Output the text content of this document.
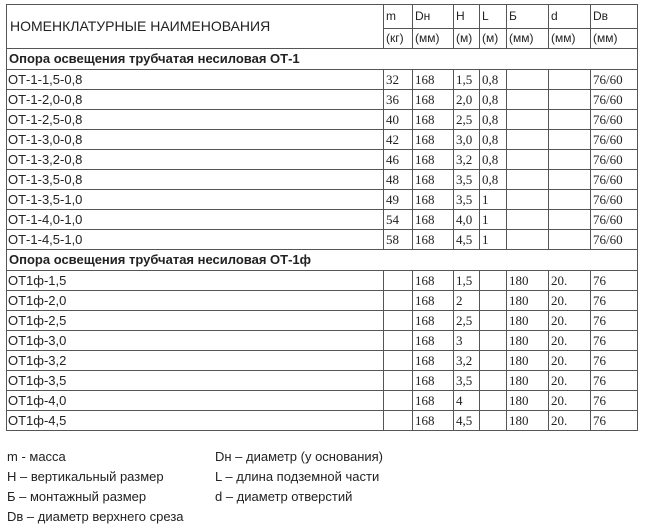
НОМЕНКЛАТУРНЫЕ НАИМЕНОВАНИЯ	m	Dн	H	L	Б	d	Dв
	(кг)	(мм)	(м)	(м)	(мм)	(мм)	(мм)
Опора освещения трубчатая несиловая ОТ-1							
ОТ-1-1,5-0,8	32	168	1,5	0,8			76/60
ОТ-1-2,0-0,8	36	168	2,0	0,8			76/60
ОТ-1-2,5-0,8	40	168	2,5	0,8			76/60
ОТ-1-3,0-0,8	42	168	3,0	0,8			76/60
ОТ-1-3,2-0,8	46	168	3,2	0,8			76/60
ОТ-1-3,5-0,8	48	168	3,5	0,8			76/60
ОТ-1-3,5-1,0	49	168	3,5	1			76/60
ОТ-1-4,0-1,0	54	168	4,0	1			76/60
ОТ-1-4,5-1,0	58	168	4,5	1			76/60
Опора освещения трубчатая несиловая ОТ-1ф							
ОТ1ф-1,5		168	1,5		180	20.	76
ОТ1ф-2,0		168	2		180	20.	76
ОТ1ф-2,5		168	2,5		180	20.	76
ОТ1ф-3,0		168	3		180	20.	76
ОТ1ф-3,2		168	3,2		180	20.	76
ОТ1ф-3,5		168	3,5		180	20.	76
ОТ1ф-4,0		168	4		180	20.	76
ОТ1ф-4,5		168	4,5		180	20.	76
m - масса	Dн – диаметр (у основания)
Н – вертикальный размер	L – длина подземной части
Б – монтажный размер	d – диаметр отверстий
Dв – диаметр верхнего среза
